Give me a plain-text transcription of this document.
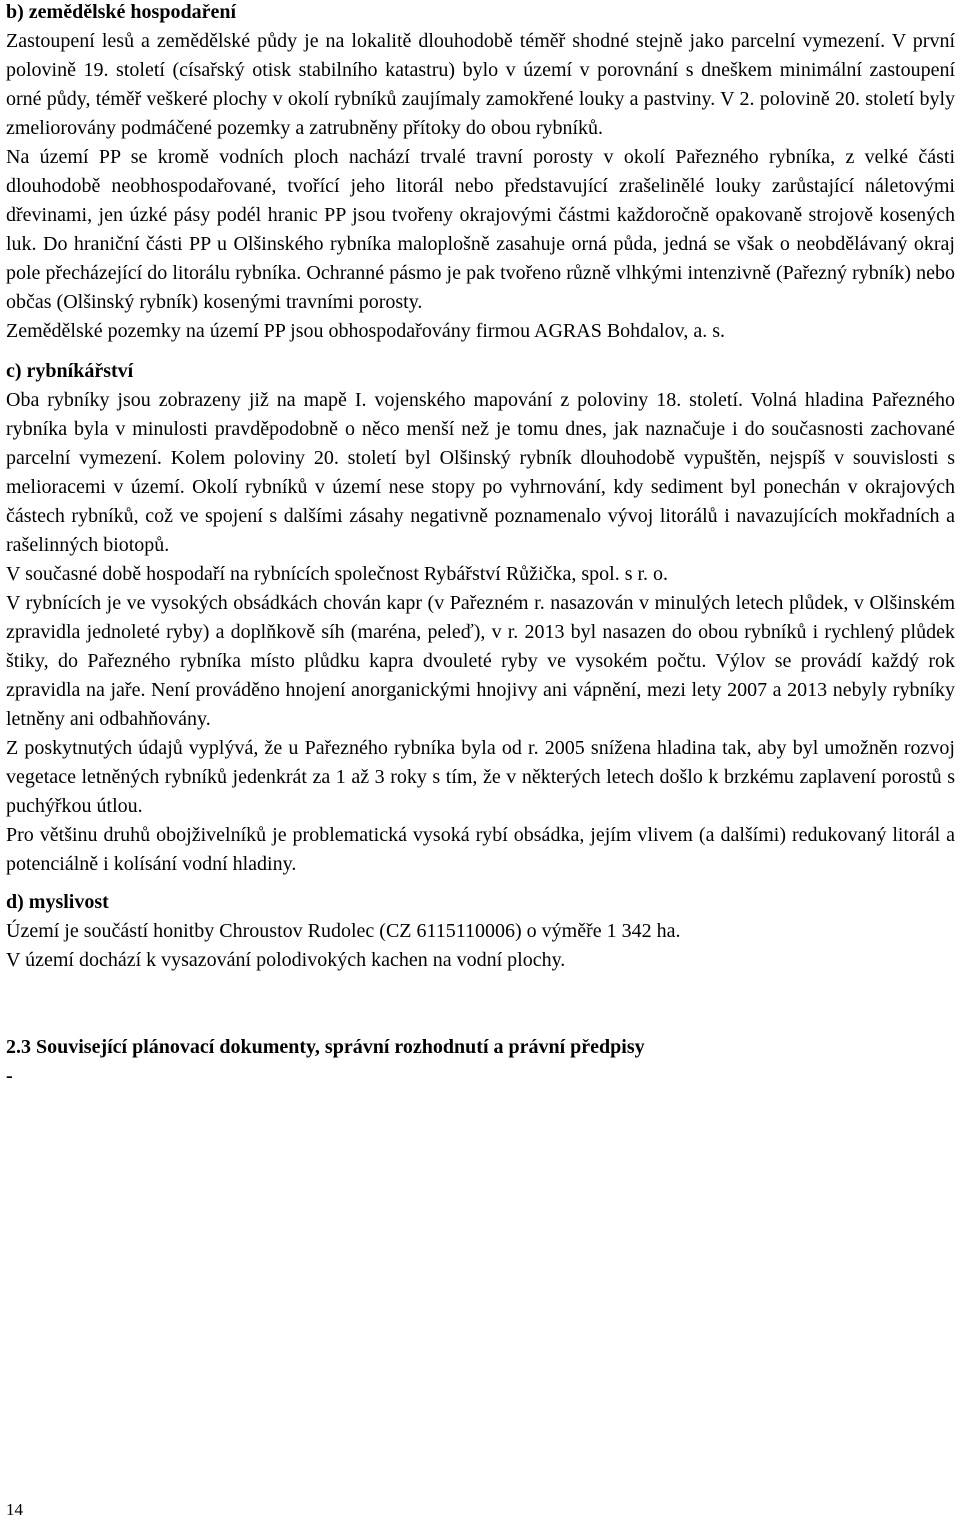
b) zemědělské hospodaření

Zastoupení lesů a zemědělské půdy je na lokalitě dlouhodobě téměř shodné stejně jako parcelní vymezení. V první polovině 19. století (císařský otisk stabilního katastru) bylo v území v porovnání s dneškem minimální zastoupení orné půdy, téměř veškeré plochy v okolí rybníků zaujímaly zamokřené louky a pastviny. V 2. polovině 20. století byly zmeliorovány podmáčené pozemky a zatrubněny přítoky do obou rybníků.

Na území PP se kromě vodních ploch nachází trvalé travní porosty v okolí Pařezného rybníka, z velké části dlouhodobě neobhospodařované, tvořící jeho litorál nebo představující zrašelinělé louky zarůstající náletovými dřevinami, jen úzké pásy podél hranic PP jsou tvořeny okrajovými částmi každoročně opakovaně strojově kosených luk. Do hraniční části PP u Olšinského rybníka maloplošně zasahuje orná půda, jedná se však o neobdělávaný okraj pole přecházející do litorálu rybníka. Ochranné pásmo je pak tvořeno různě vlhkými intenzivně (Pařezný rybník) nebo občas (Olšinský rybník) kosenými travními porosty.

Zemědělské pozemky na území PP jsou obhospodařovány firmou AGRAS Bohdalov, a. s.

c) rybníkářství

Oba rybníky jsou zobrazeny již na mapě I. vojenského mapování z poloviny 18. století. Volná hladina Pařezného rybníka byla v minulosti pravděpodobně o něco menší než je tomu dnes, jak naznačuje i do současnosti zachované parcelní vymezení. Kolem poloviny 20. století byl Olšinský rybník dlouhodobě vypuštěn, nejspíš v souvislosti s melioracemi v území. Okolí rybníků v území nese stopy po vyhrnování, kdy sediment byl ponechán v okrajových částech rybníků, což ve spojení s dalšími zásahy negativně poznamenalo vývoj litorálů i navazujících mokřadních a rašelinných biotopů.

V současné době hospodaří na rybnících společnost Rybářství Růžička, spol. s r. o.

V rybnících je ve vysokých obsádkách chován kapr (v Pařezném r. nasazován v minulých letech plůdek, v Olšinském zpravidla jednoleté ryby) a doplňkově síh (maréna, peleď), v r. 2013 byl nasazen do obou rybníků i rychlený plůdek štiky, do Pařezného rybníka místo plůdku kapra dvouleté ryby ve vysokém počtu. Výlov se provádí každý rok zpravidla na jaře. Není prováděno hnojení anorganickými hnojivy ani vápnění, mezi lety 2007 a 2013 nebyly rybníky letněny ani odbahňovány.

Z poskytnutých údajů vyplývá, že u Pařezného rybníka byla od r. 2005 snížena hladina tak, aby byl umožněn rozvoj vegetace letněných rybníků jedenkrát za 1 až 3 roky s tím, že v některých letech došlo k brzkému zaplavení porostů s puchýřkou útlou.

Pro většinu druhů obojživelníků je problematická vysoká rybí obsádka, jejím vlivem (a dalšími) redukovaný litorál a potenciálně i kolísání vodní hladiny.

d) myslivost

Území je součástí honitby Chroustov Rudolec (CZ 6115110006) o výměře 1 342 ha.

V území dochází k vysazování polodivokých kachen na vodní plochy.

2.3 Související plánovací dokumenty, správní rozhodnutí a právní předpisy

-

14
